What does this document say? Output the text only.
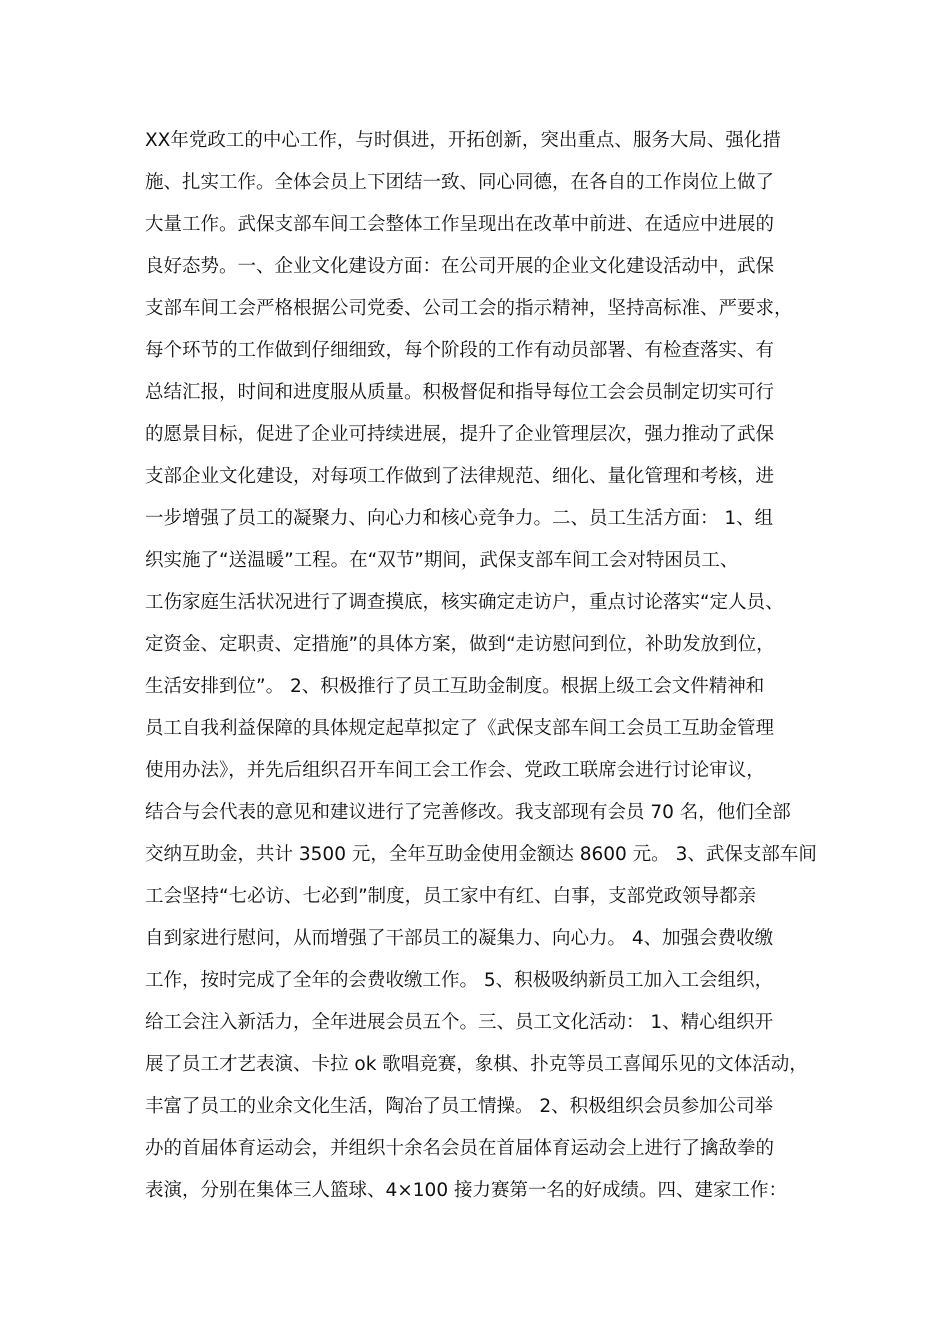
XX年党政工的中心工作，与时俱进，开拓创新，突出重点、服务大局、强化措
施、扎实工作。全体会员上下团结一致、同心同德，在各自的工作岗位上做了
大量工作。武保支部车间工会整体工作呈现出在改革中前进、在适应中进展的
良好态势。一、企业文化建设方面：在公司开展的企业文化建设活动中，武保
支部车间工会严格根据公司党委、公司工会的指示精神，坚持高标准、严要求，
每个环节的工作做到仔细细致，每个阶段的工作有动员部署、有检查落实、有
总结汇报，时间和进度服从质量。积极督促和指导每位工会会员制定切实可行
的愿景目标，促进了企业可持续进展，提升了企业管理层次，强力推动了武保
支部企业文化建设，对每项工作做到了法律规范、细化、量化管理和考核，进
一步增强了员工的凝聚力、向心力和核心竞争力。二、员工生活方面： 1、组
织实施了“送温暖”工程。在“双节”期间，武保支部车间工会对特困员工、
工伤家庭生活状况进行了调查摸底，核实确定走访户，重点讨论落实“定人员、
定资金、定职责、定措施”的具体方案，做到“走访慰问到位，补助发放到位，
生活安排到位”。 2、积极推行了员工互助金制度。根据上级工会文件精神和
员工自我利益保障的具体规定起草拟定了《武保支部车间工会员工互助金管理
使用办法》，并先后组织召开车间工会工作会、党政工联席会进行讨论审议，
结合与会代表的意见和建议进行了完善修改。我支部现有会员 70 名，他们全部
交纳互助金，共计 3500 元，全年互助金使用金额达 8600 元。 3、武保支部车间
工会坚持“七必访、七必到”制度，员工家中有红、白事，支部党政领导都亲
自到家进行慰问，从而增强了干部员工的凝集力、向心力。 4、加强会费收缴
工作，按时完成了全年的会费收缴工作。 5、积极吸纳新员工加入工会组织，
给工会注入新活力，全年进展会员五个。三、员工文化活动： 1、精心组织开
展了员工才艺表演、卡拉 ok 歌唱竞赛，象棋、扑克等员工喜闻乐见的文体活动，
丰富了员工的业余文化生活，陶冶了员工情操。 2、积极组织会员参加公司举
办的首届体育运动会，并组织十余名会员在首届体育运动会上进行了擒敌拳的
表演，分别在集体三人篮球、4×100 接力赛第一名的好成绩。四、建家工作：
